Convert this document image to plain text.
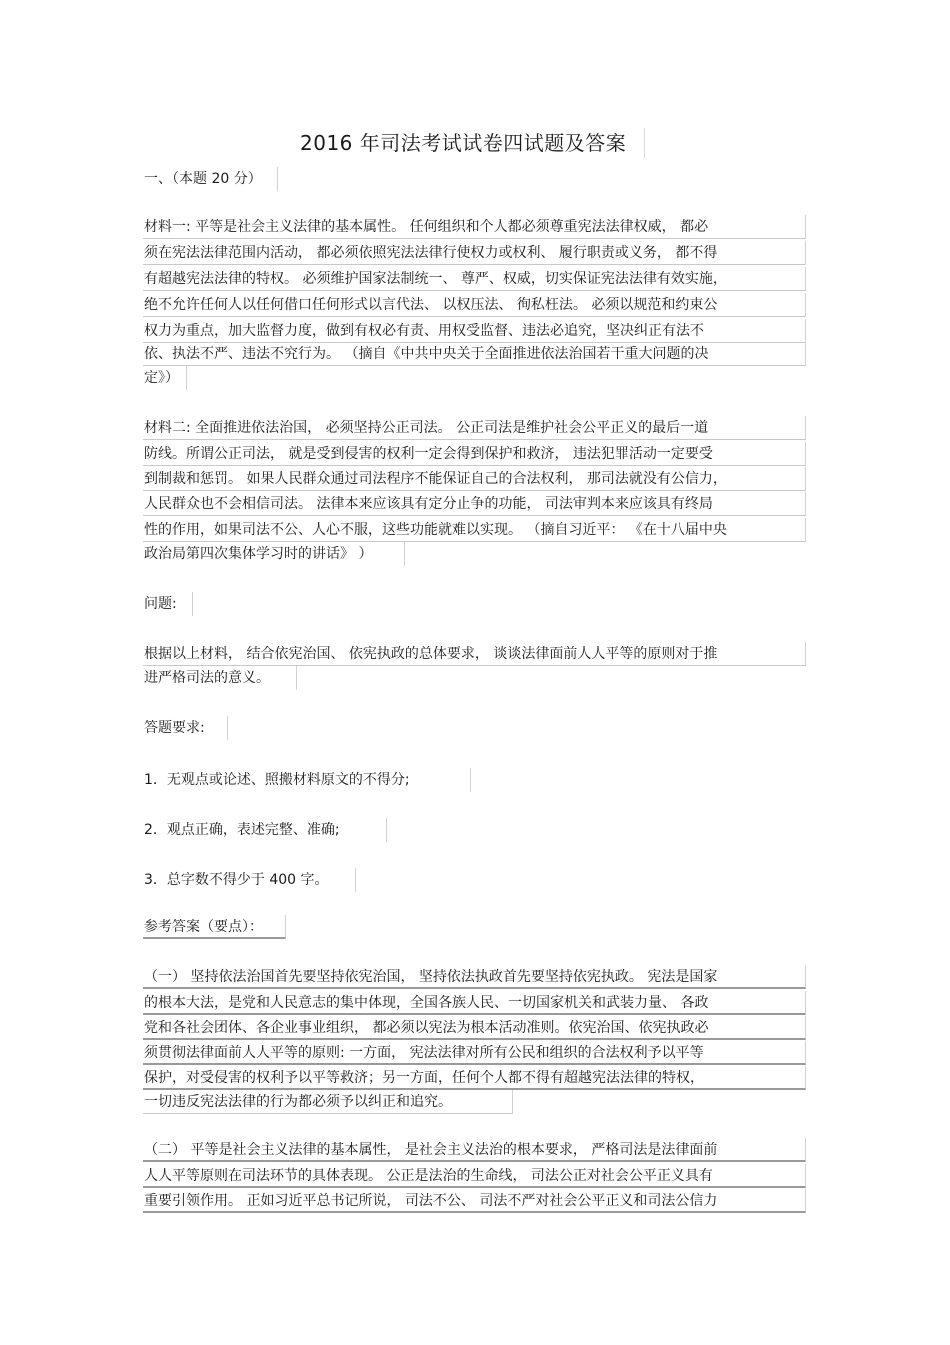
2016 年司法考试试卷四试题及答案
一、（本题 20 分）
材料一: 平等是社会主义法律的基本属性。 任何组织和个人都必须尊重宪法法律权威， 都必
须在宪法法律范围内活动， 都必须依照宪法法律行使权力或权利、 履行职责或义务， 都不得
有超越宪法法律的特权。 必须维护国家法制统一、 尊严、权威，切实保证宪法法律有效实施，
绝不允许任何人以任何借口任何形式以言代法、 以权压法、 徇私枉法。 必须以规范和约束公
权力为重点，加大监督力度，做到有权必有责、用权受监督、违法必追究，坚决纠正有法不
依、执法不严、违法不究行为。 （摘自《中共中央关于全面推进依法治国若干重大问题的决
定》）
材料二: 全面推进依法治国， 必须坚持公正司法。 公正司法是维护社会公平正义的最后一道
防线。所谓公正司法， 就是受到侵害的权利一定会得到保护和救济， 违法犯罪活动一定要受
到制裁和惩罚。 如果人民群众通过司法程序不能保证自己的合法权利， 那司法就没有公信力，
人民群众也不会相信司法。 法律本来应该具有定分止争的功能， 司法审判本来应该具有终局
性的作用，如果司法不公、人心不服，这些功能就难以实现。 （摘自习近平： 《在十八届中央
政治局第四次集体学习时的讲话》 ）
问题:
根据以上材料， 结合依宪治国、 依宪执政的总体要求， 谈谈法律面前人人平等的原则对于推
进严格司法的意义。
答题要求:
1．无观点或论述、照搬材料原文的不得分;
2．观点正确，表述完整、准确;
3．总字数不得少于 400 字。
参考答案（要点）：
（一） 坚持依法治国首先要坚持依宪治国， 坚持依法执政首先要坚持依宪执政。 宪法是国家
的根本大法，是党和人民意志的集中体现，全国各族人民、一切国家机关和武装力量、 各政
党和各社会团体、各企业事业组织， 都必须以宪法为根本活动准则。依宪治国、依宪执政必
须贯彻法律面前人人平等的原则: 一方面， 宪法法律对所有公民和组织的合法权利予以平等
保护，对受侵害的权利予以平等救济；另一方面，任何个人都不得有超越宪法法律的特权，
一切违反宪法法律的行为都必须予以纠正和追究。
（二） 平等是社会主义法律的基本属性， 是社会主义法治的根本要求， 严格司法是法律面前
人人平等原则在司法环节的具体表现。 公正是法治的生命线， 司法公正对社会公平正义具有
重要引领作用。 正如习近平总书记所说， 司法不公、 司法不严对社会公平正义和司法公信力
